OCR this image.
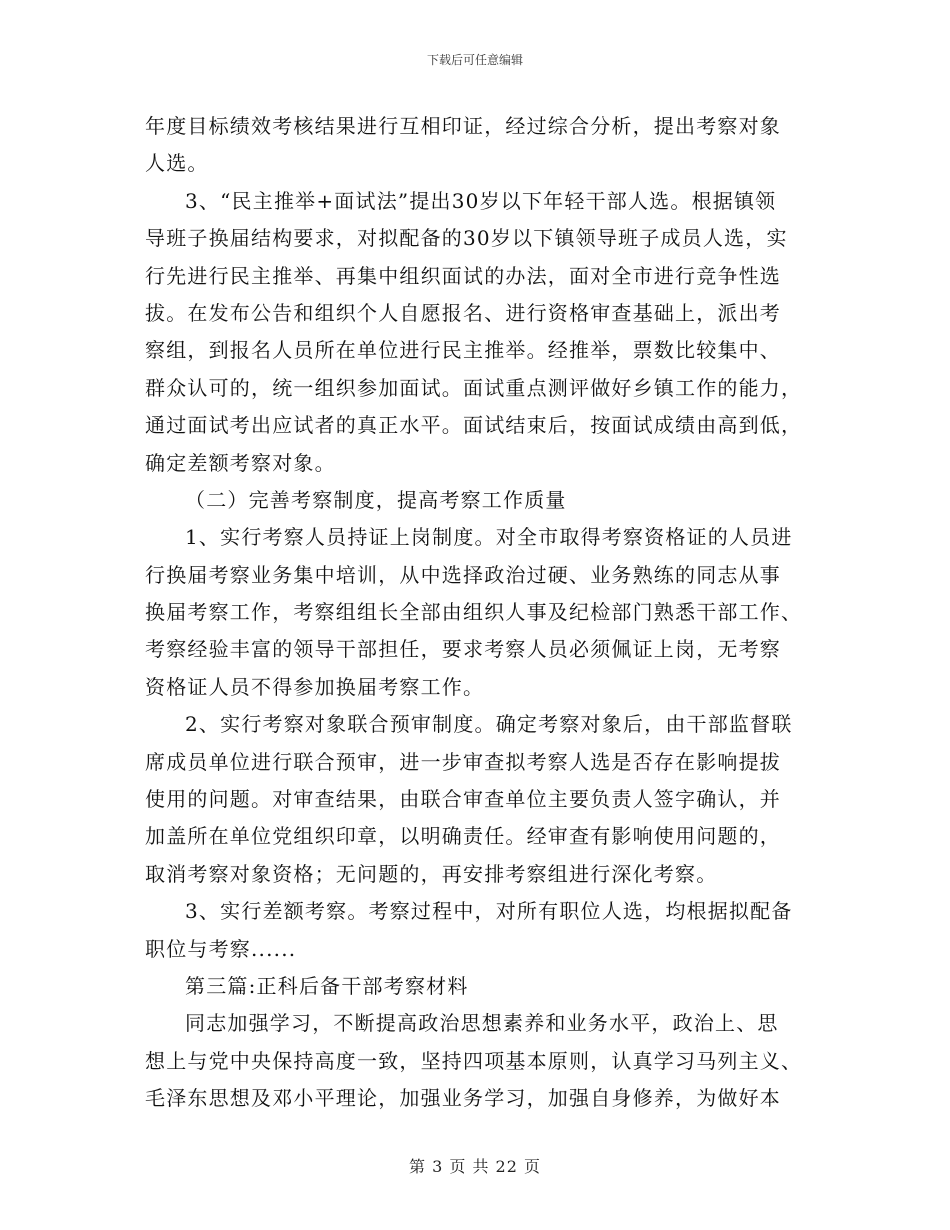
下载后可任意编辑
年度目标绩效考核结果进行互相印证，经过综合分析，提出考察对象
人选。
3、“民主推举+面试法”提出30岁以下年轻干部人选。根据镇领
导班子换届结构要求，对拟配备的30岁以下镇领导班子成员人选，实
行先进行民主推举、再集中组织面试的办法，面对全市进行竞争性选
拔。在发布公告和组织个人自愿报名、进行资格审查基础上，派出考
察组，到报名人员所在单位进行民主推举。经推举，票数比较集中、
群众认可的，统一组织参加面试。面试重点测评做好乡镇工作的能力，
通过面试考出应试者的真正水平。面试结束后，按面试成绩由高到低，
确定差额考察对象。
（二）完善考察制度，提高考察工作质量
1、实行考察人员持证上岗制度。对全市取得考察资格证的人员进
行换届考察业务集中培训，从中选择政治过硬、业务熟练的同志从事
换届考察工作，考察组组长全部由组织人事及纪检部门熟悉干部工作、
考察经验丰富的领导干部担任，要求考察人员必须佩证上岗，无考察
资格证人员不得参加换届考察工作。
2、实行考察对象联合预审制度。确定考察对象后，由干部监督联
席成员单位进行联合预审，进一步审查拟考察人选是否存在影响提拔
使用的问题。对审查结果，由联合审查单位主要负责人签字确认，并
加盖所在单位党组织印章，以明确责任。经审查有影响使用问题的，
取消考察对象资格；无问题的，再安排考察组进行深化考察。
3、实行差额考察。考察过程中，对所有职位人选，均根据拟配备
职位与考察......
第三篇:正科后备干部考察材料
同志加强学习，不断提高政治思想素养和业务水平，政治上、思
想上与党中央保持高度一致，坚持四项基本原则，认真学习马列主义、
毛泽东思想及邓小平理论，加强业务学习，加强自身修养，为做好本
第 3 页 共 22 页
